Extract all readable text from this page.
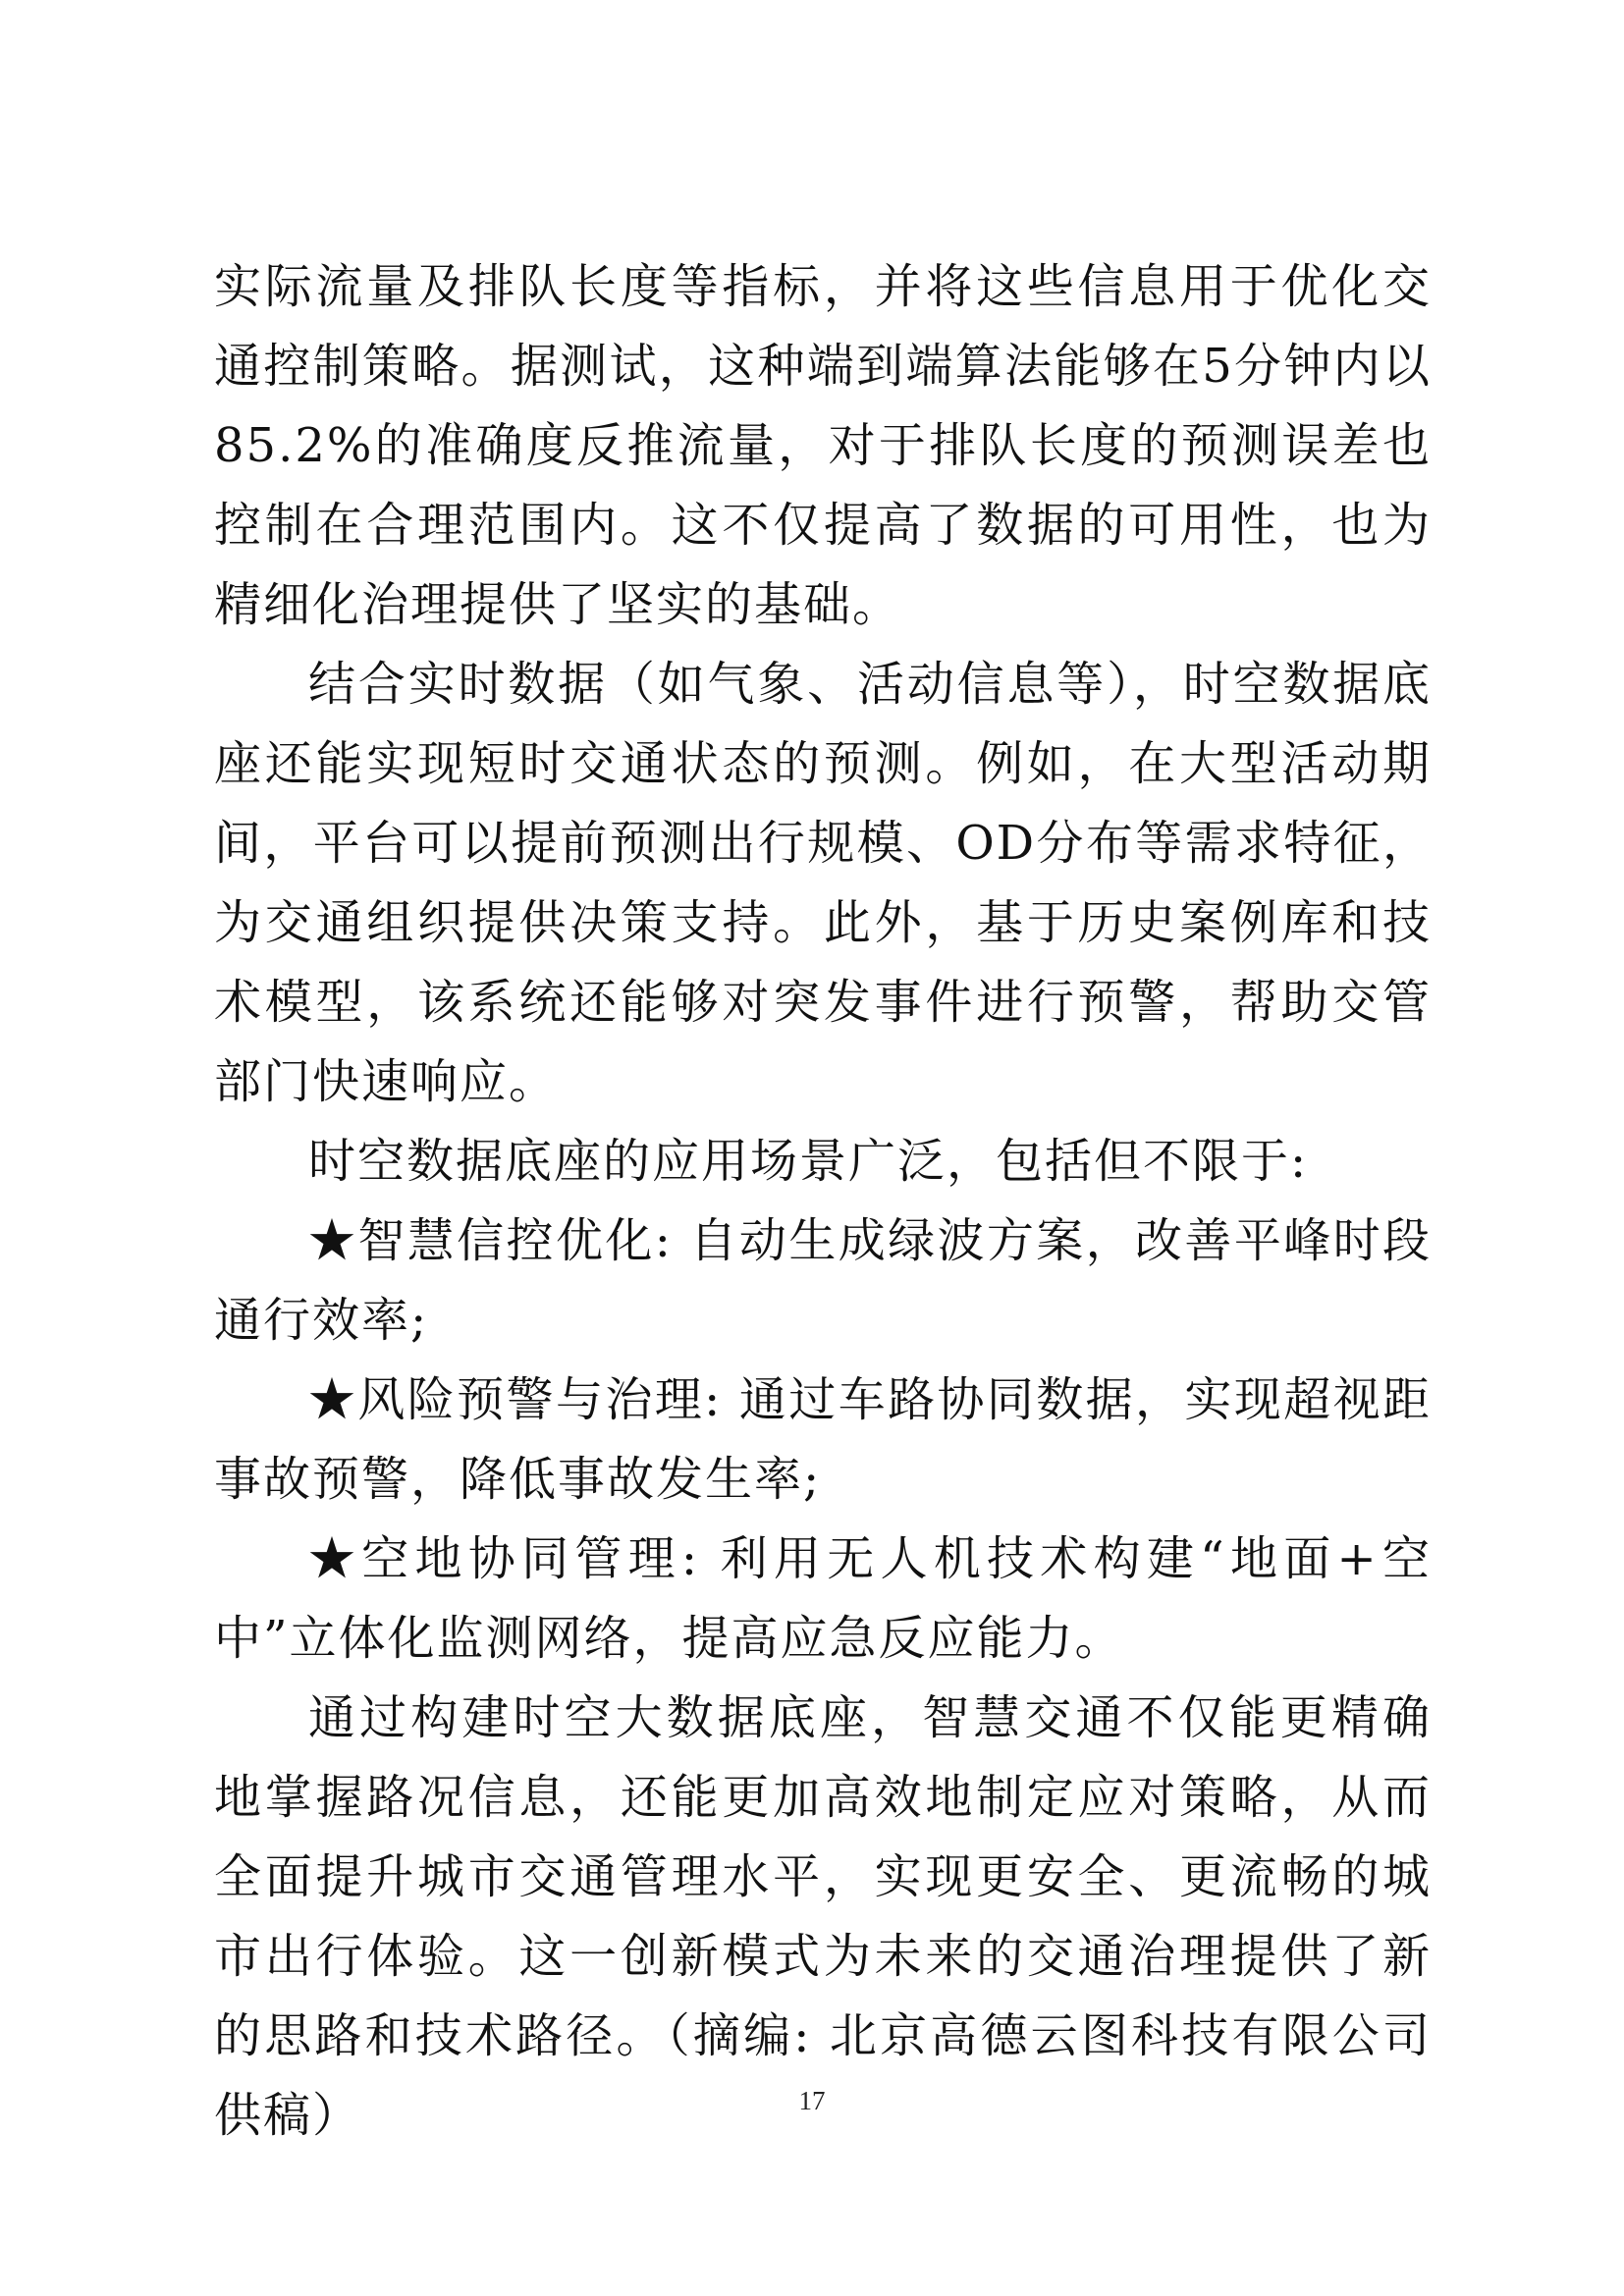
实际流量及排队长度等指标，并将这些信息用于优化交通控制策略。据测试，这种端到端算法能够在5分钟内以85.2%的准确度反推流量，对于排队长度的预测误差也控制在合理范围内。这不仅提高了数据的可用性，也为精细化治理提供了坚实的基础。

结合实时数据（如气象、活动信息等），时空数据底座还能实现短时交通状态的预测。例如，在大型活动期间，平台可以提前预测出行规模、OD分布等需求特征，为交通组织提供决策支持。此外，基于历史案例库和技术模型，该系统还能够对突发事件进行预警，帮助交管部门快速响应。

时空数据底座的应用场景广泛，包括但不限于:

★智慧信控优化: 自动生成绿波方案，改善平峰时段通行效率;

★风险预警与治理: 通过车路协同数据，实现超视距事故预警，降低事故发生率;

★空地协同管理: 利用无人机技术构建“地面+空中”立体化监测网络，提高应急反应能力。

通过构建时空大数据底座，智慧交通不仅能更精确地掌握路况信息，还能更加高效地制定应对策略，从而全面提升城市交通管理水平，实现更安全、更流畅的城市出行体验。这一创新模式为未来的交通治理提供了新的思路和技术路径。（摘编: 北京高德云图科技有限公司供稿）	17
